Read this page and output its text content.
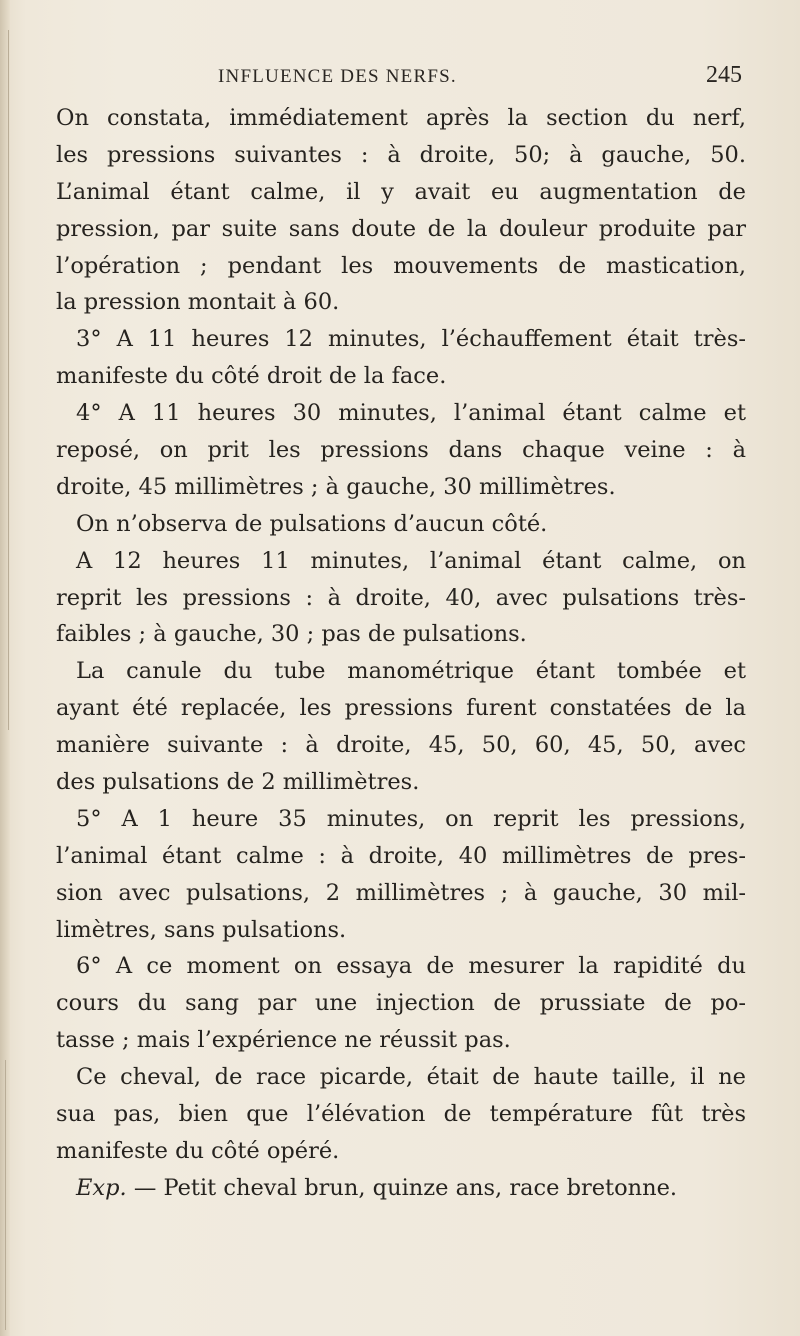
INFLUENCE DES NERFS.	245
On constata, immédiatement après la section du nerf,
les pressions suivantes : à droite, 50; à gauche, 50.
L’animal étant calme, il y avait eu augmentation de
pression, par suite sans doute de la douleur produite par
l’opération ; pendant les mouvements de mastication,
la pression montait à 60.
3° A 11 heures 12 minutes, l’échauffement était très-
manifeste du côté droit de la face.
4° A 11 heures 30 minutes, l’animal étant calme et
reposé, on prit les pressions dans chaque veine : à
droite, 45 millimètres ; à gauche, 30 millimètres.
On n’observa de pulsations d’aucun côté.
A 12 heures 11 minutes, l’animal étant calme, on
reprit les pressions : à droite, 40, avec pulsations très-
faibles ; à gauche, 30 ; pas de pulsations.
La canule du tube manométrique étant tombée et
ayant été replacée, les pressions furent constatées de la
manière suivante : à droite, 45, 50, 60, 45, 50, avec
des pulsations de 2 millimètres.
5° A 1 heure 35 minutes, on reprit les pressions,
l’animal étant calme : à droite, 40 millimètres de pres-
sion avec pulsations, 2 millimètres ; à gauche, 30 mil-
limètres, sans pulsations.
6° A ce moment on essaya de mesurer la rapidité du
cours du sang par une injection de prussiate de po-
tasse ; mais l’expérience ne réussit pas.
Ce cheval, de race picarde, était de haute taille, il ne
sua pas, bien que l’élévation de température fût très
manifeste du côté opéré.
Exp. — Petit cheval brun, quinze ans, race bretonne.
